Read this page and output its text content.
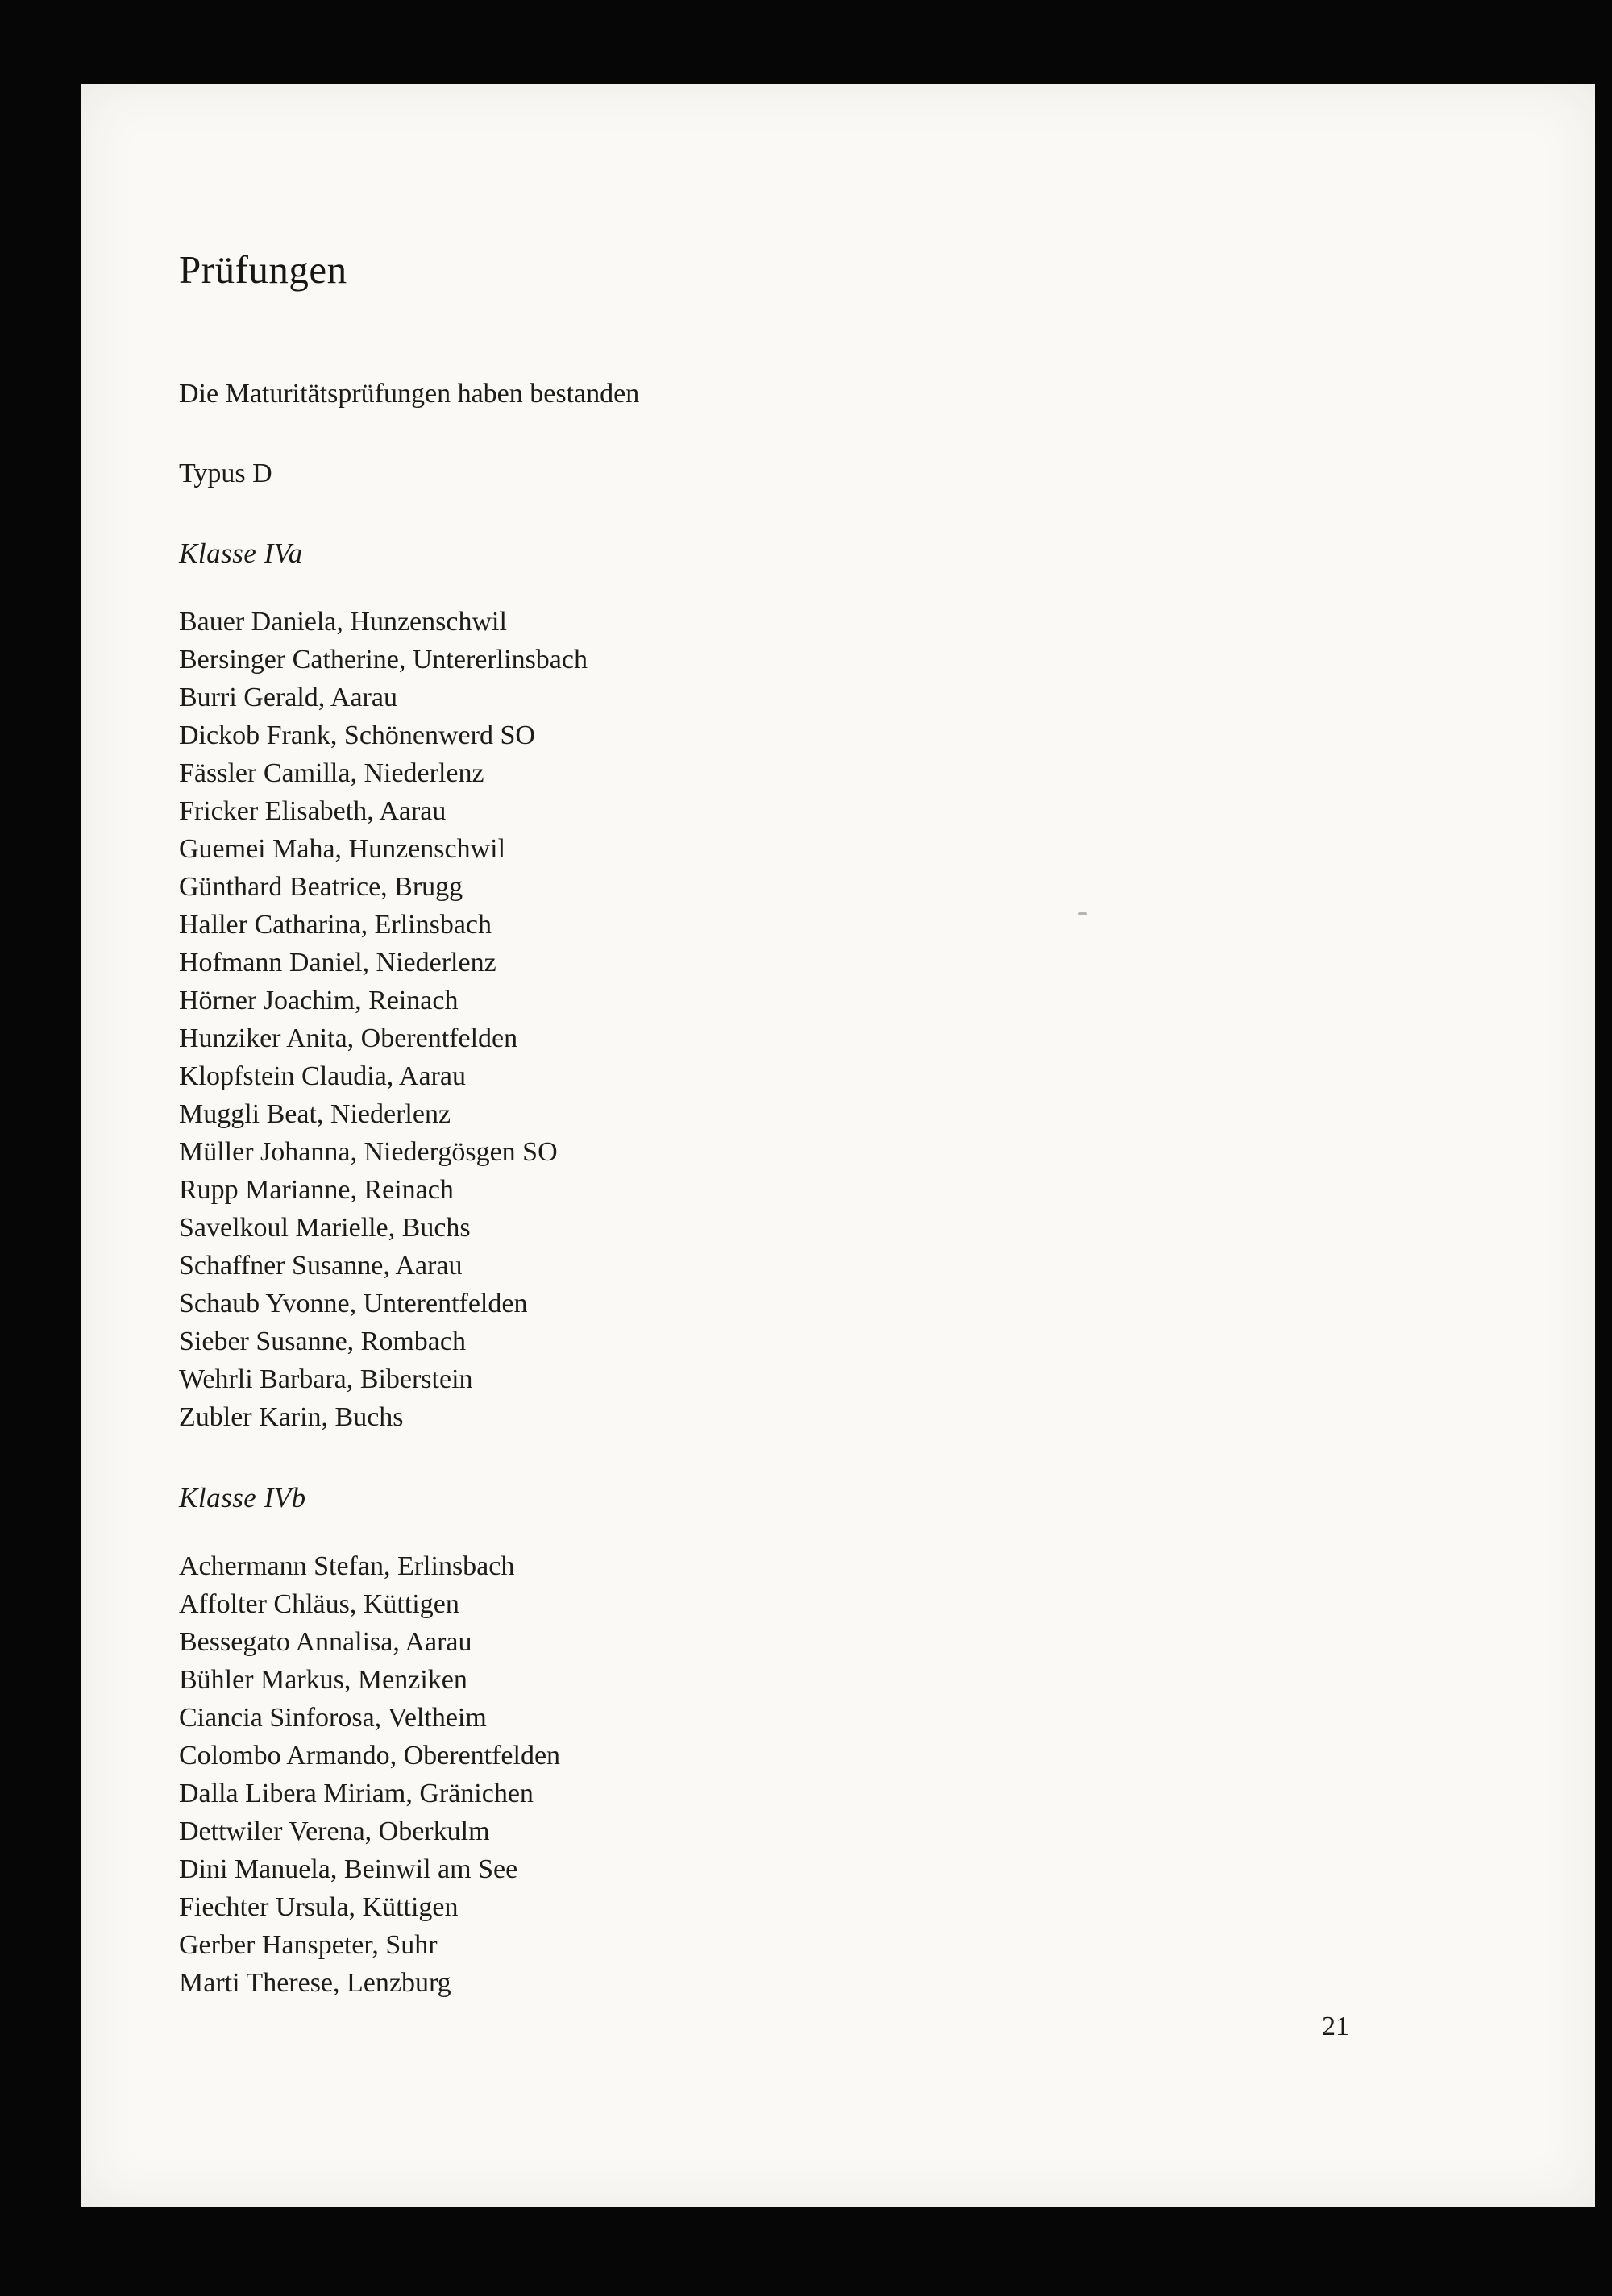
Prüfungen

Die Maturitätsprüfungen haben bestanden

Typus D

Klasse IVa
Bauer Daniela, Hunzenschwil
Bersinger Catherine, Untererlinsbach
Burri Gerald, Aarau
Dickob Frank, Schönenwerd SO
Fässler Camilla, Niederlenz
Fricker Elisabeth, Aarau
Guemei Maha, Hunzenschwil
Günthard Beatrice, Brugg
Haller Catharina, Erlinsbach
Hofmann Daniel, Niederlenz
Hörner Joachim, Reinach
Hunziker Anita, Oberentfelden
Klopfstein Claudia, Aarau
Muggli Beat, Niederlenz
Müller Johanna, Niedergösgen SO
Rupp Marianne, Reinach
Savelkoul Marielle, Buchs
Schaffner Susanne, Aarau
Schaub Yvonne, Unterentfelden
Sieber Susanne, Rombach
Wehrli Barbara, Biberstein
Zubler Karin, Buchs
Klasse IVb
Achermann Stefan, Erlinsbach
Affolter Chläus, Küttigen
Bessegato Annalisa, Aarau
Bühler Markus, Menziken
Ciancia Sinforosa, Veltheim
Colombo Armando, Oberentfelden
Dalla Libera Miriam, Gränichen
Dettwiler Verena, Oberkulm
Dini Manuela, Beinwil am See
Fiechter Ursula, Küttigen
Gerber Hanspeter, Suhr
Marti Therese, Lenzburg
21
